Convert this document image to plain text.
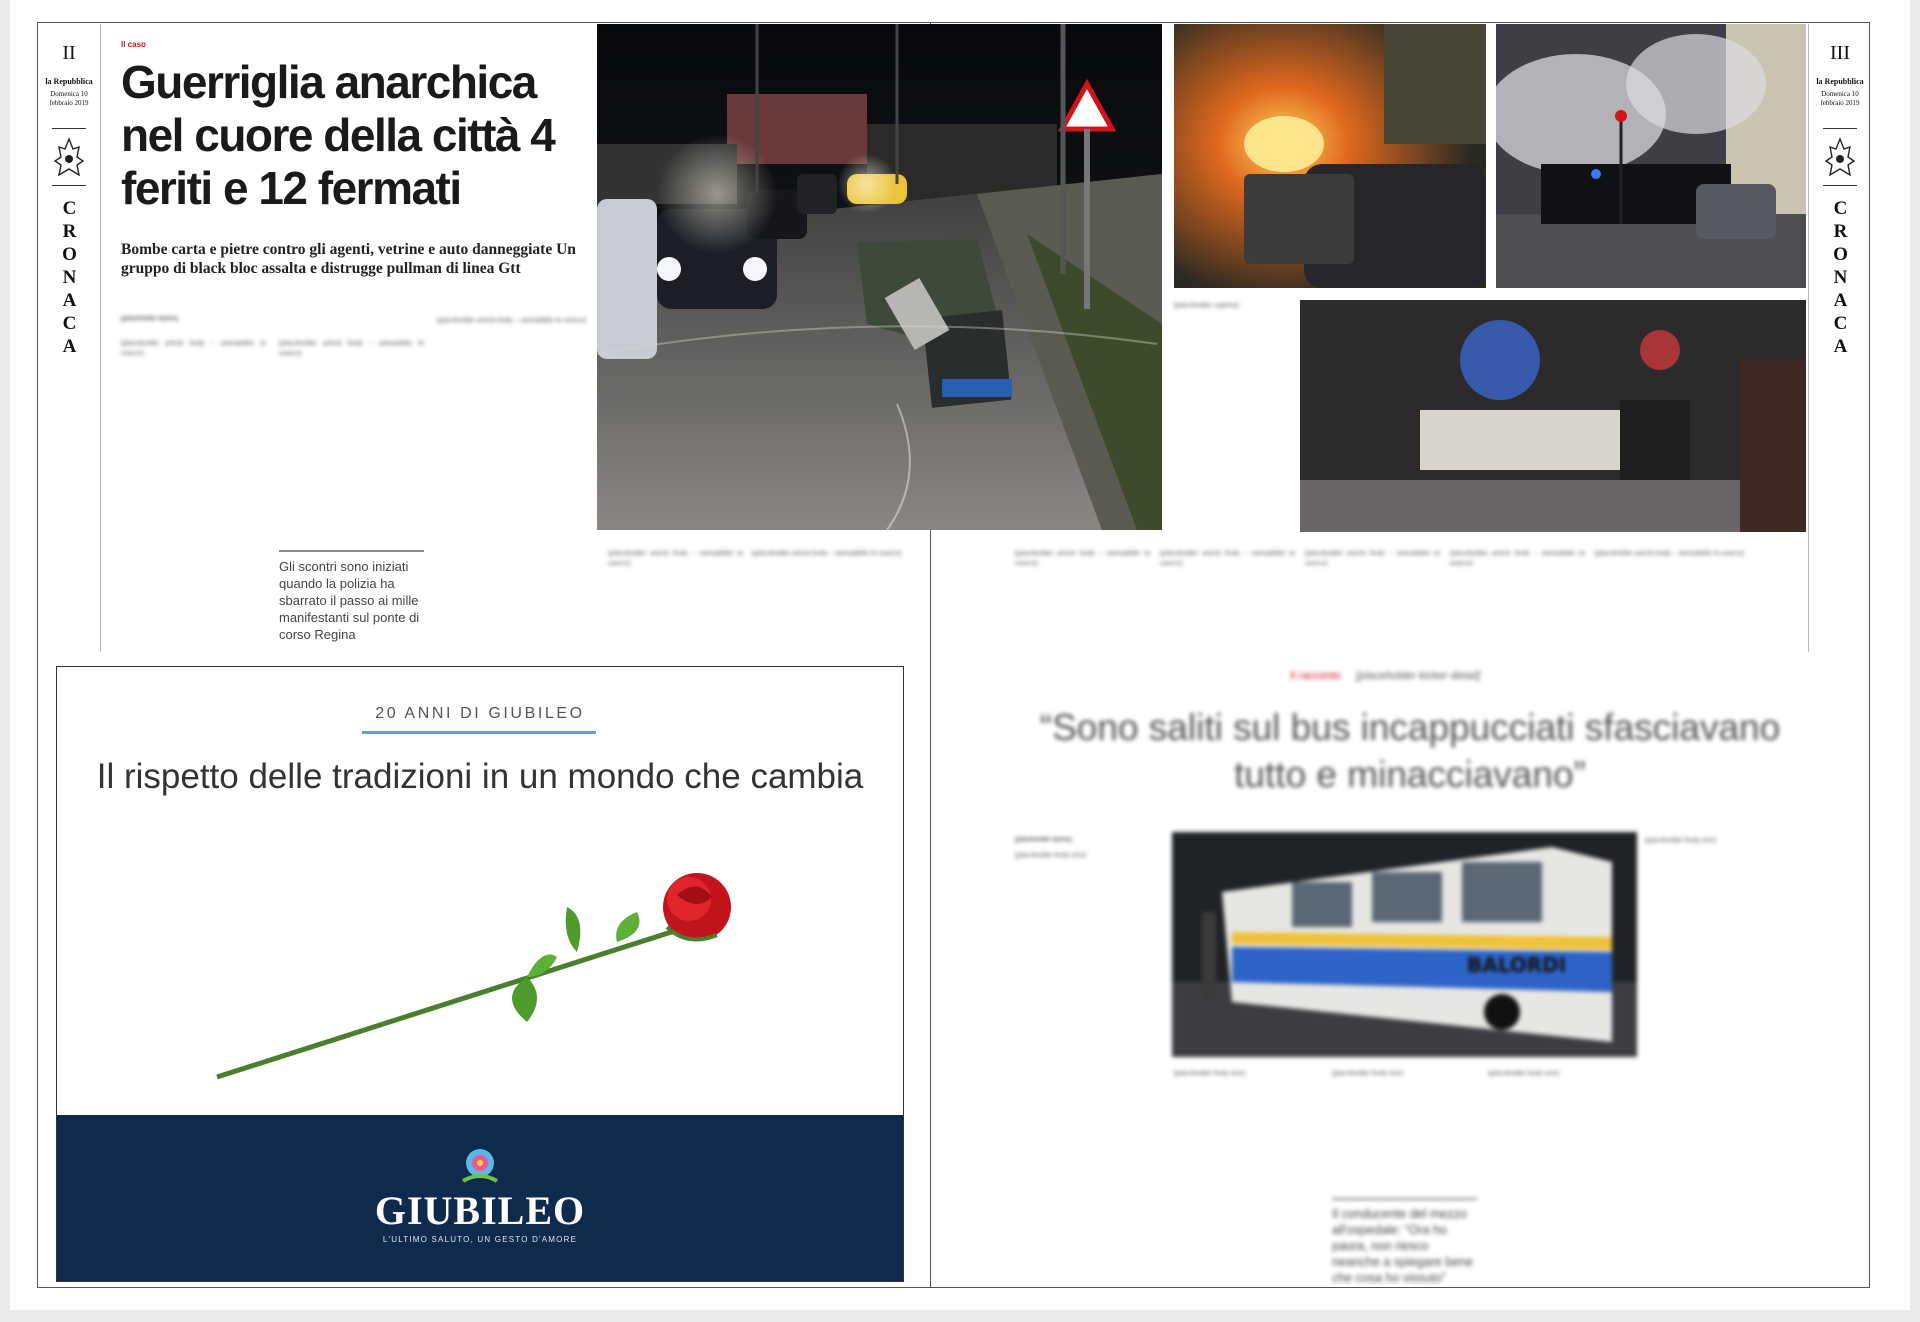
II
la Repubblica
Domenica 10 febbraio 2019
CRONACA
III
la Repubblica
Domenica 10 febbraio 2019
CRONACA
Il caso
Guerriglia anarchica nel cuore della città 4 feriti e 12 fermati
Bombe carta e pietre contro gli agenti, vetrine e auto danneggiate Un gruppo di black bloc assalta e distrugge pullman di linea Gtt
[placeholder byline]
[placeholder article body – unreadable in source]
[placeholder article body – unreadable in source]
[placeholder article body – unreadable in source]
Gli scontri sono iniziati quando la polizia ha sbarrato il passo ai mille manifestanti sul ponte di corso Regina
[placeholder article body – unreadable in source]
[placeholder article body – unreadable in source]
[placeholder caption]
[placeholder article body – unreadable in source]
[placeholder article body – unreadable in source]
[placeholder article body – unreadable in source]
[placeholder article body – unreadable in source]
[placeholder article body – unreadable in source]
20 ANNI DI GIUBILEO
Il rispetto delle tradizioni in un mondo che cambia
GIUBILEO
L'ULTIMO SALUTO, UN GESTO D'AMORE
Il racconto [placeholder kicker detail]
“Sono saliti sul bus incappucciati sfasciavano tutto e minacciavano”
[placeholder byline]
[placeholder body text]
[placeholder body text]
[placeholder body text]	[placeholder body text]	[placeholder body text]
Il conducente del mezzo all'ospedale: “Ora ho paura, non riesco neanche a spiegare bene che cosa ho vissuto”
BALORDI
